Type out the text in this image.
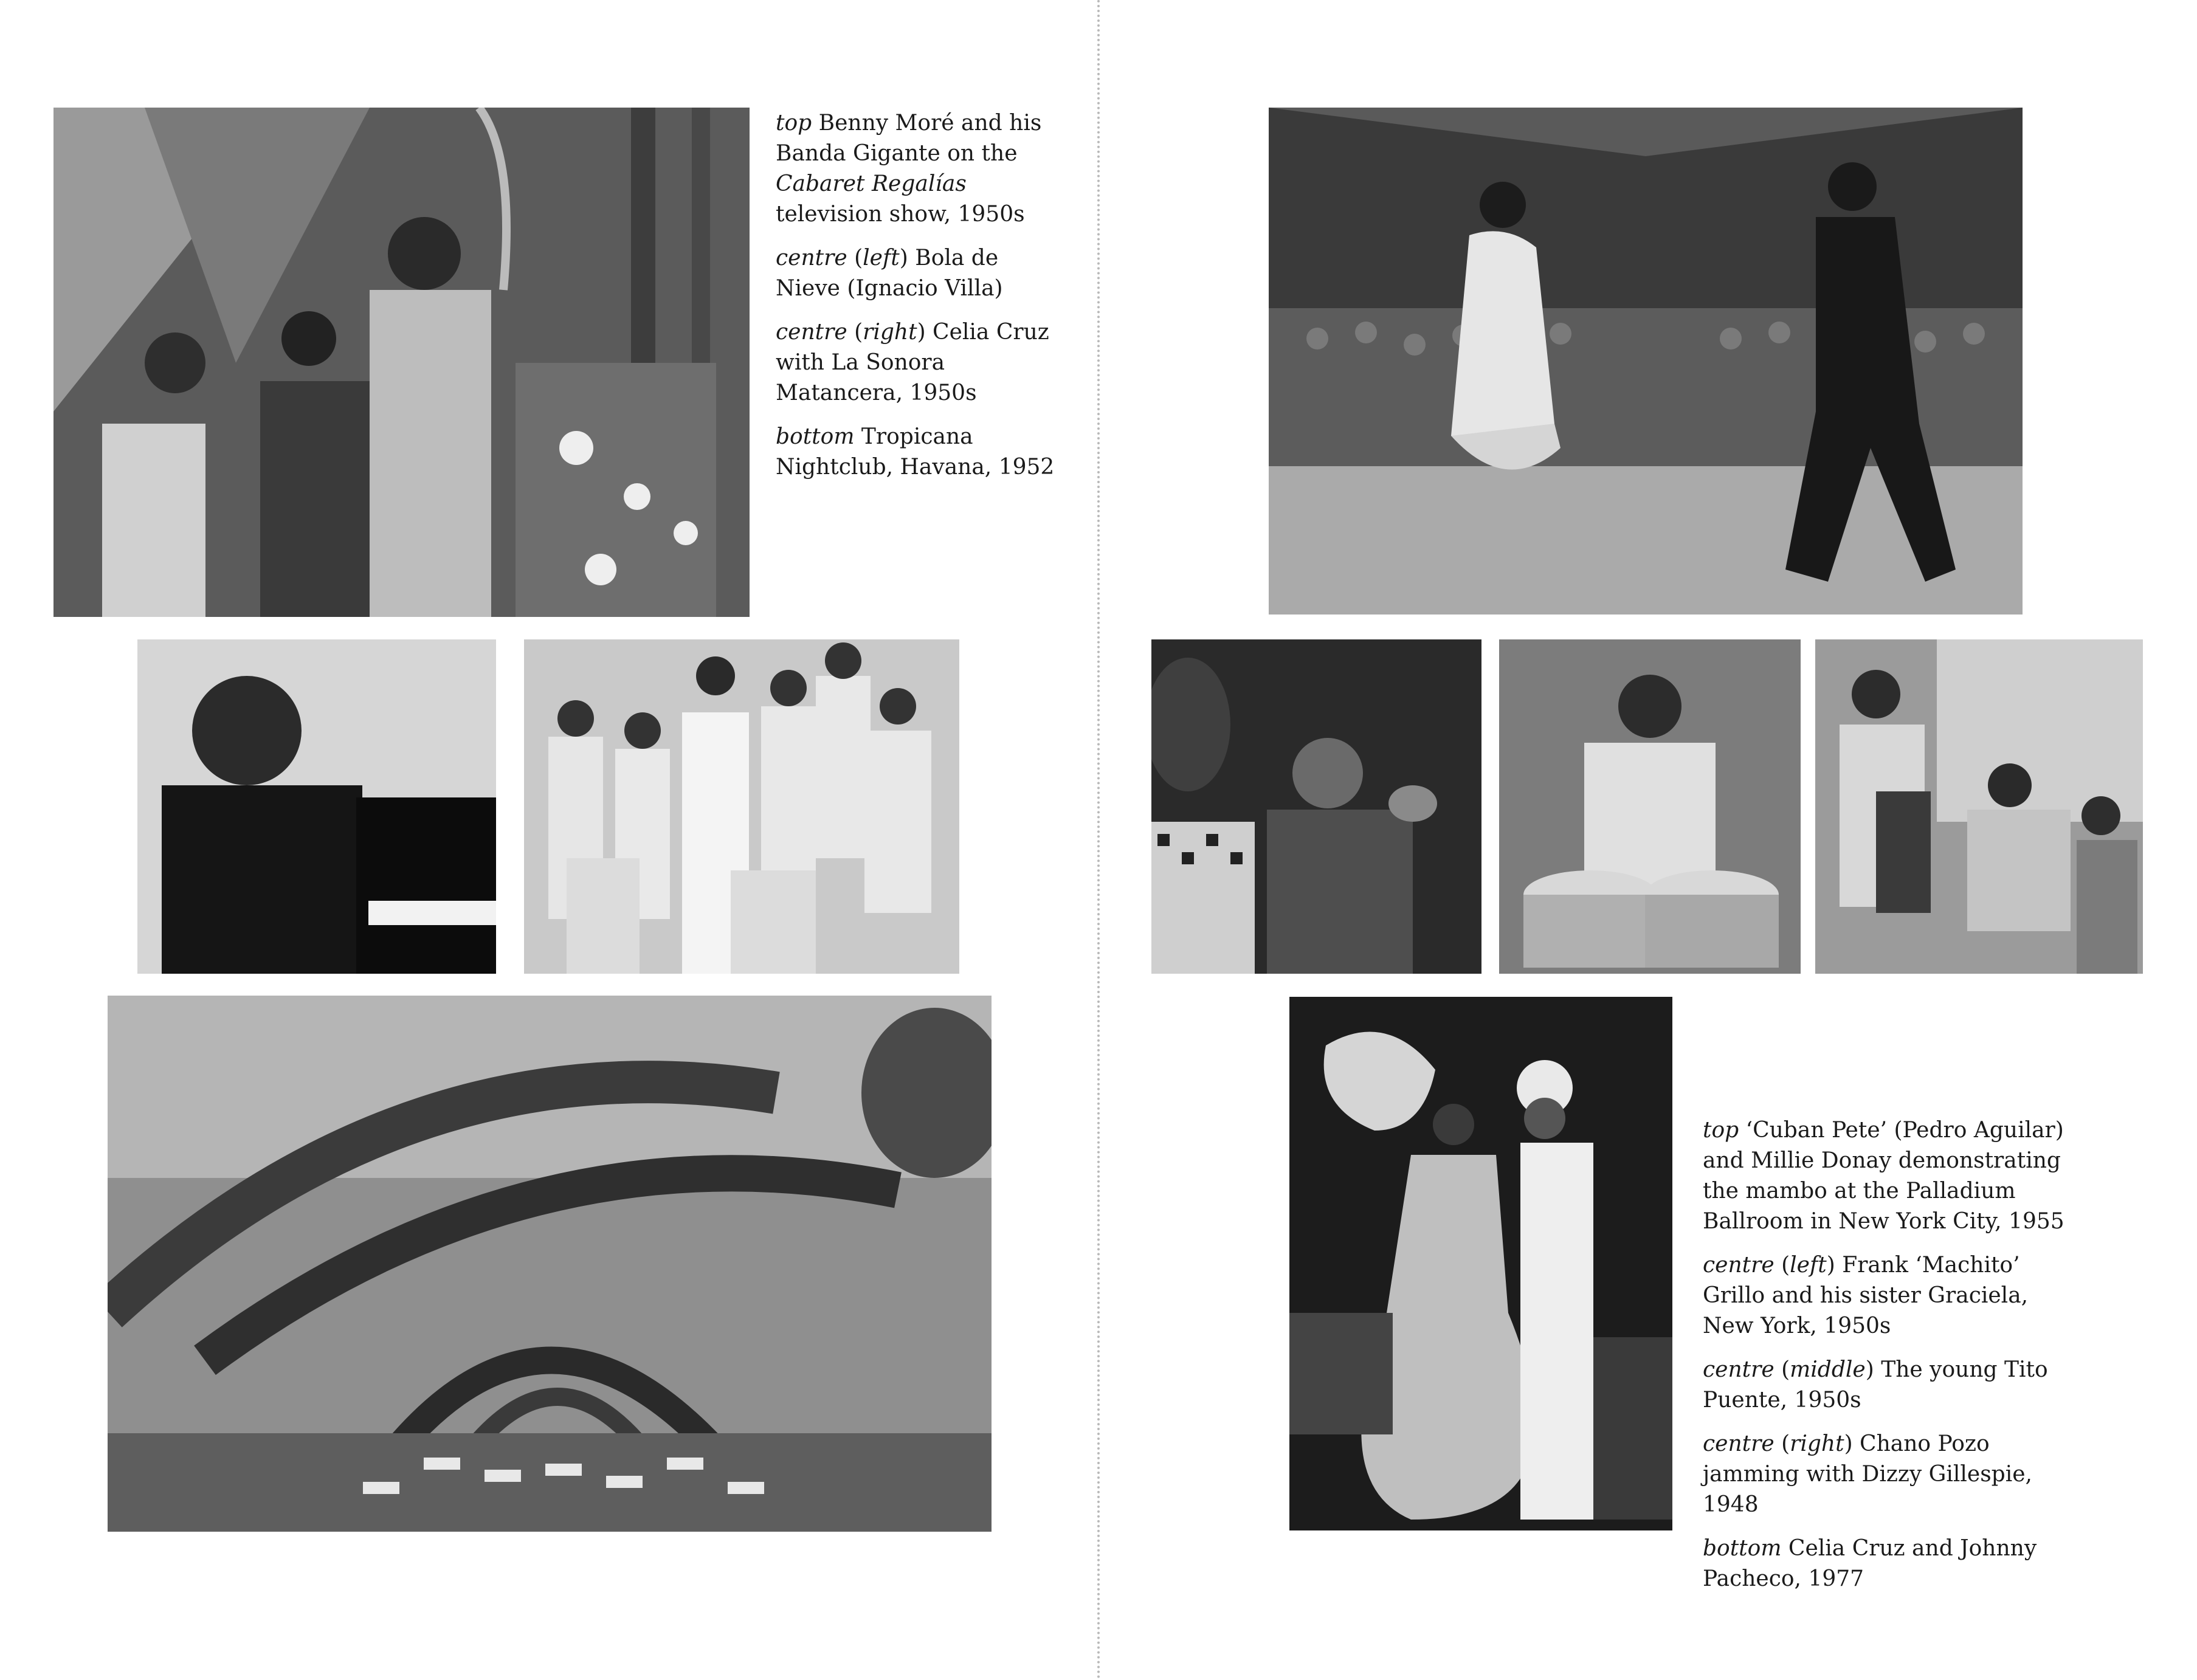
top Benny Moré and his Banda Gigante on the Cabaret Regalías television show, 1950s

centre (left) Bola de Nieve (Ignacio Villa)

centre (right) Celia Cruz with La Sonora Matancera, 1950s

bottom Tropicana Nightclub, Havana, 1952

top ‘Cuban Pete’ (Pedro Aguilar) and Millie Donay demonstrating the mambo at the Palladium Ballroom in New York City, 1955

centre (left) Frank ‘Machito’ Grillo and his sister Graciela, New York, 1950s

centre (middle) The young Tito Puente, 1950s

centre (right) Chano Pozo jamming with Dizzy Gillespie, 1948

bottom Celia Cruz and Johnny Pacheco, 1977
